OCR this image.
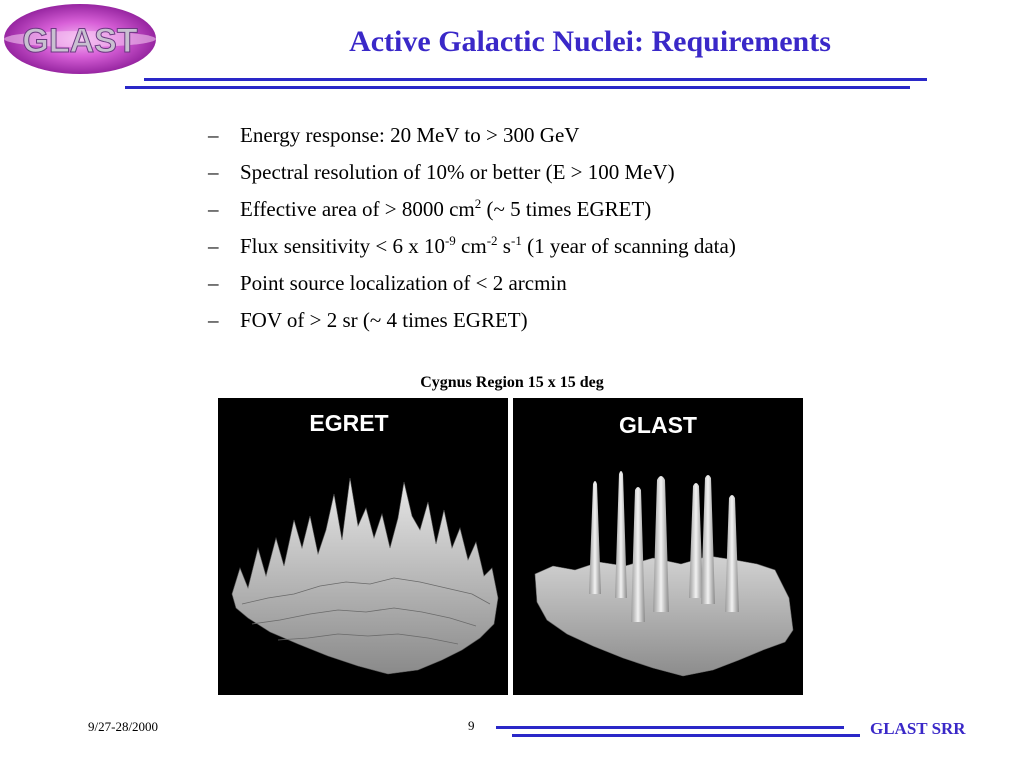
GLAST	Active Galactic Nuclei: Requirements
– Energy response: 20 MeV to > 300 GeV
– Spectral resolution of 10% or better (E > 100 MeV)
– Effective area of > 8000 $cm^2$ (~ 5 times EGRET)
– Flux sensitivity < 6 x $10^{-9}$ $cm^{-2}$ $s^{-1}$ (1 year of scanning data)
– Point source localization of < 2 arcmin
– FOV of > 2 sr (~ 4 times EGRET)
Cygnus Region 15 x 15 deg
EGRET	GLAST
9/27-28/2000	9	GLAST SRR
